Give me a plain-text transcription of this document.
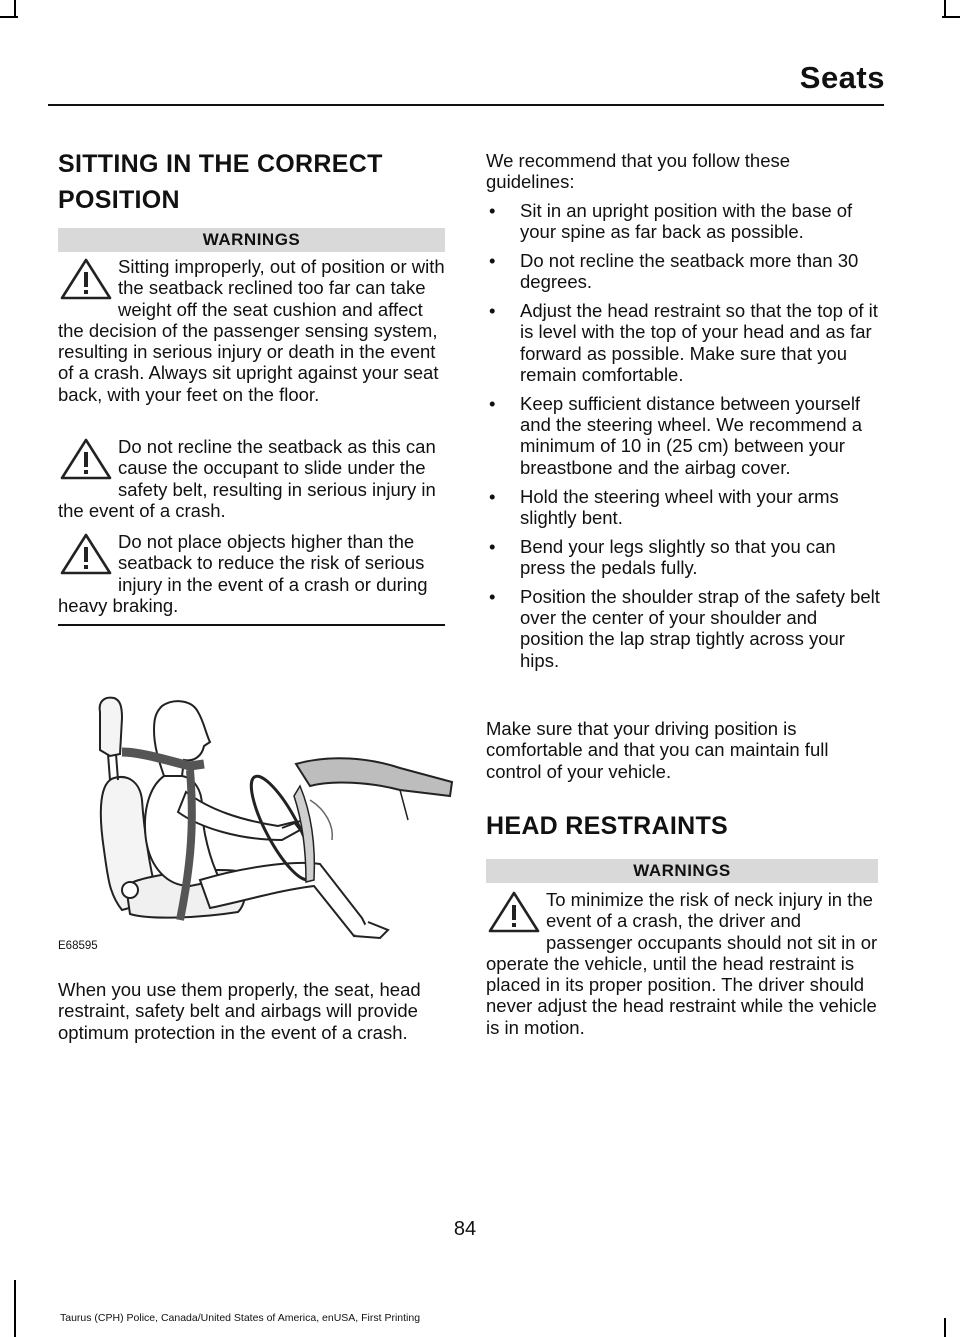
Seats
SITTING IN THE CORRECT
POSITION
WARNINGS

Sitting improperly, out of position or with the seatback reclined too far can take weight off the seat cushion and affect the decision of the passenger sensing system, resulting in serious injury or death in the event of a crash. Always sit upright against your seat back, with your feet on the floor.

Do not recline the seatback as this can cause the occupant to slide under the safety belt, resulting in serious injury in the event of a crash.

Do not place objects higher than the seatback to reduce the risk of serious injury in the event of a crash or during heavy braking.

E68595

When you use them properly, the seat, head restraint, safety belt and airbags will provide optimum protection in the event of a crash.

We recommend that you follow these guidelines:

• Sit in an upright position with the base of your spine as far back as possible.
• Do not recline the seatback more than 30 degrees.
• Adjust the head restraint so that the top of it is level with the top of your head and as far forward as possible. Make sure that you remain comfortable.
• Keep sufficient distance between yourself and the steering wheel. We recommend a minimum of 10 in (25 cm) between your breastbone and the airbag cover.
• Hold the steering wheel with your arms slightly bent.
• Bend your legs slightly so that you can press the pedals fully.
• Position the shoulder strap of the safety belt over the center of your shoulder and position the lap strap tightly across your hips.

Make sure that your driving position is comfortable and that you can maintain full control of your vehicle.

HEAD RESTRAINTS
WARNINGS

To minimize the risk of neck injury in the event of a crash, the driver and passenger occupants should not sit in or operate the vehicle, until the head restraint is placed in its proper position. The driver should never adjust the head restraint while the vehicle is in motion.

84
Taurus (CPH) Police, Canada/United States of America, enUSA, First Printing
